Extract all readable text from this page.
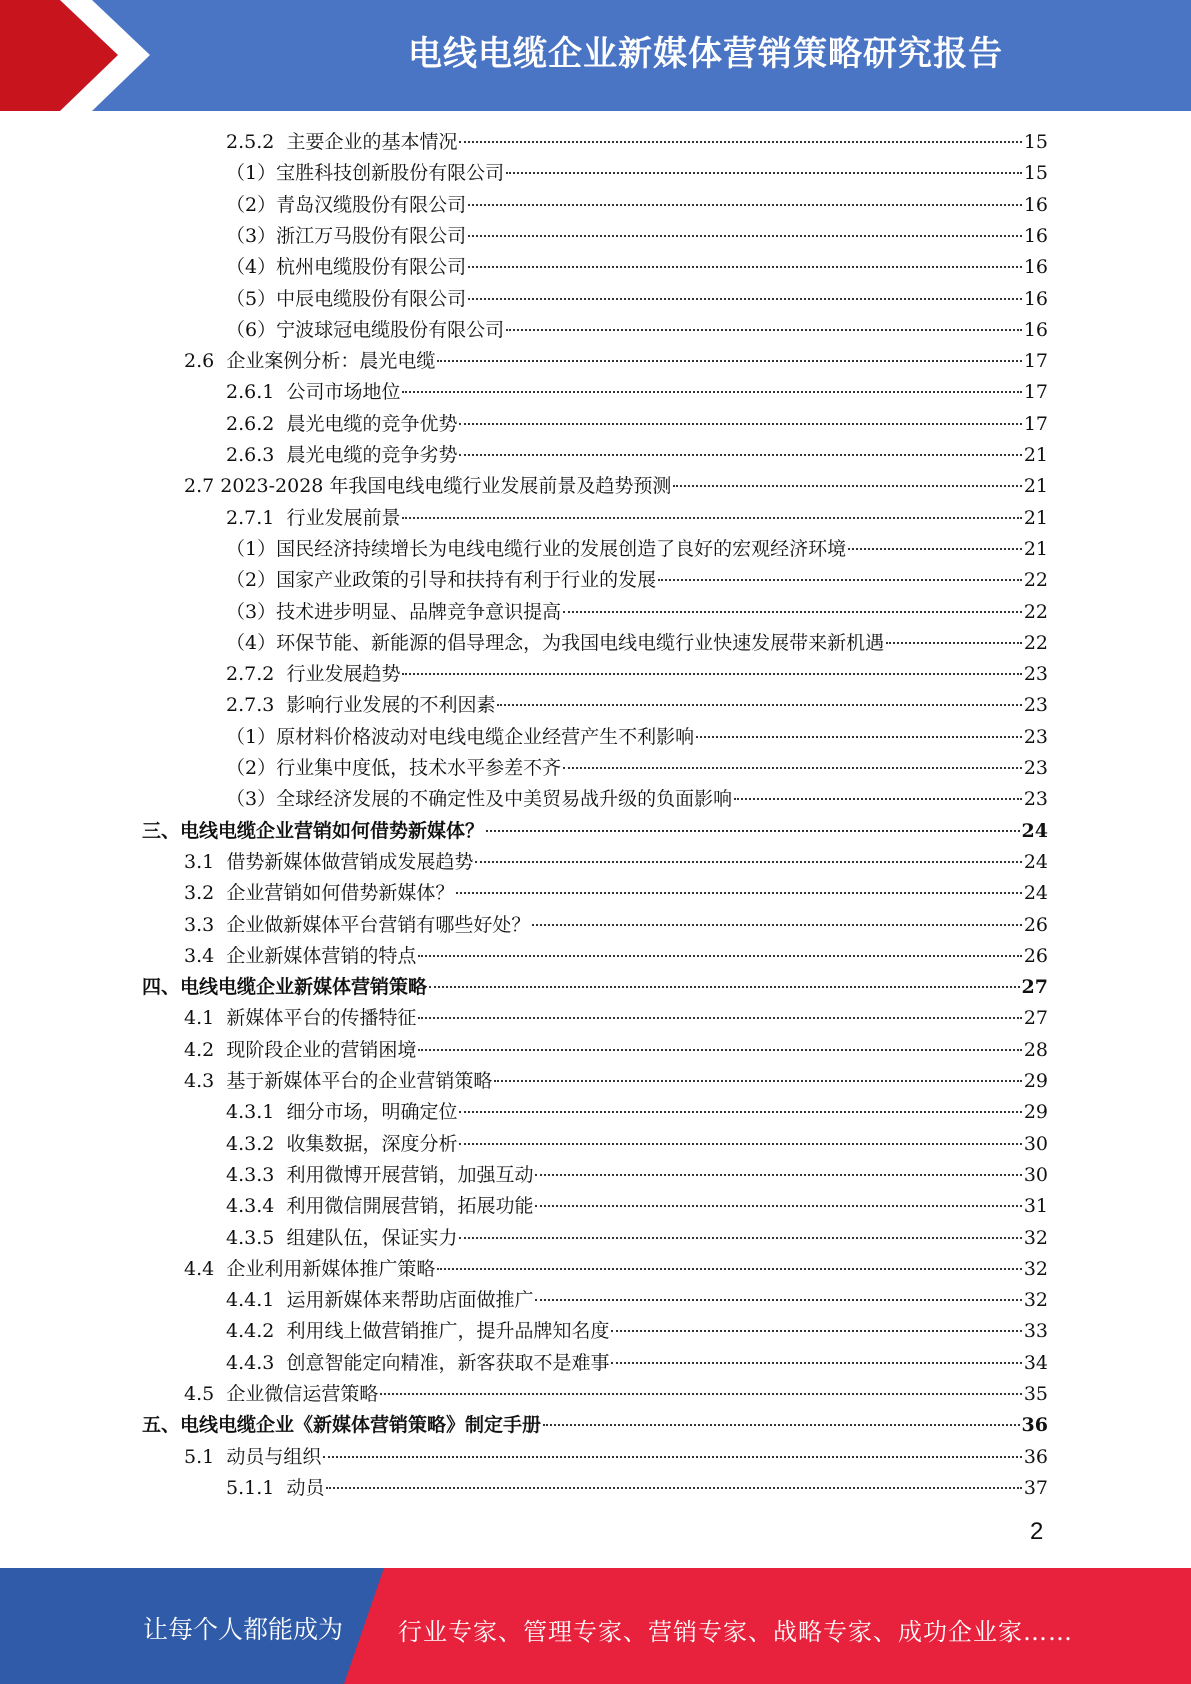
电线电缆企业新媒体营销策略研究报告
2.5.2 主要企业的基本情况	15
（1）宝胜科技创新股份有限公司	15
（2）青岛汉缆股份有限公司	16
（3）浙江万马股份有限公司	16
（4）杭州电缆股份有限公司	16
（5）中辰电缆股份有限公司	16
（6）宁波球冠电缆股份有限公司	16
2.6 企业案例分析：晨光电缆	17
2.6.1 公司市场地位	17
2.6.2 晨光电缆的竞争优势	17
2.6.3 晨光电缆的竞争劣势	21
2.7 2023-2028 年我国电线电缆行业发展前景及趋势预测	21
2.7.1 行业发展前景	21
（1）国民经济持续增长为电线电缆行业的发展创造了良好的宏观经济环境	21
（2）国家产业政策的引导和扶持有利于行业的发展	22
（3）技术进步明显、品牌竞争意识提高	22
（4）环保节能、新能源的倡导理念，为我国电线电缆行业快速发展带来新机遇	22
2.7.2 行业发展趋势	23
2.7.3 影响行业发展的不利因素	23
（1）原材料价格波动对电线电缆企业经营产生不利影响	23
（2）行业集中度低，技术水平参差不齐	23
（3）全球经济发展的不确定性及中美贸易战升级的负面影响	23
三、电线电缆企业营销如何借势新媒体？	24
3.1 借势新媒体做营销成发展趋势	24
3.2 企业营销如何借势新媒体？	24
3.3 企业做新媒体平台营销有哪些好处？	26
3.4 企业新媒体营销的特点	26
四、电线电缆企业新媒体营销策略	27
4.1 新媒体平台的传播特征	27
4.2 现阶段企业的营销困境	28
4.3 基于新媒体平台的企业营销策略	29
4.3.1 细分市场，明确定位	29
4.3.2 收集数据，深度分析	30
4.3.3 利用微博开展营销，加强互动	30
4.3.4 利用微信開展营销，拓展功能	31
4.3.5 组建队伍，保证实力	32
4.4 企业利用新媒体推广策略	32
4.4.1 运用新媒体来帮助店面做推广	32
4.4.2 利用线上做营销推广，提升品牌知名度	33
4.4.3 创意智能定向精准，新客获取不是难事	34
4.5 企业微信运营策略	35
五、电线电缆企业《新媒体营销策略》制定手册	36
5.1 动员与组织	36
5.1.1 动员	37
2
让每个人都能成为 行业专家、管理专家、营销专家、战略专家、成功企业家……
